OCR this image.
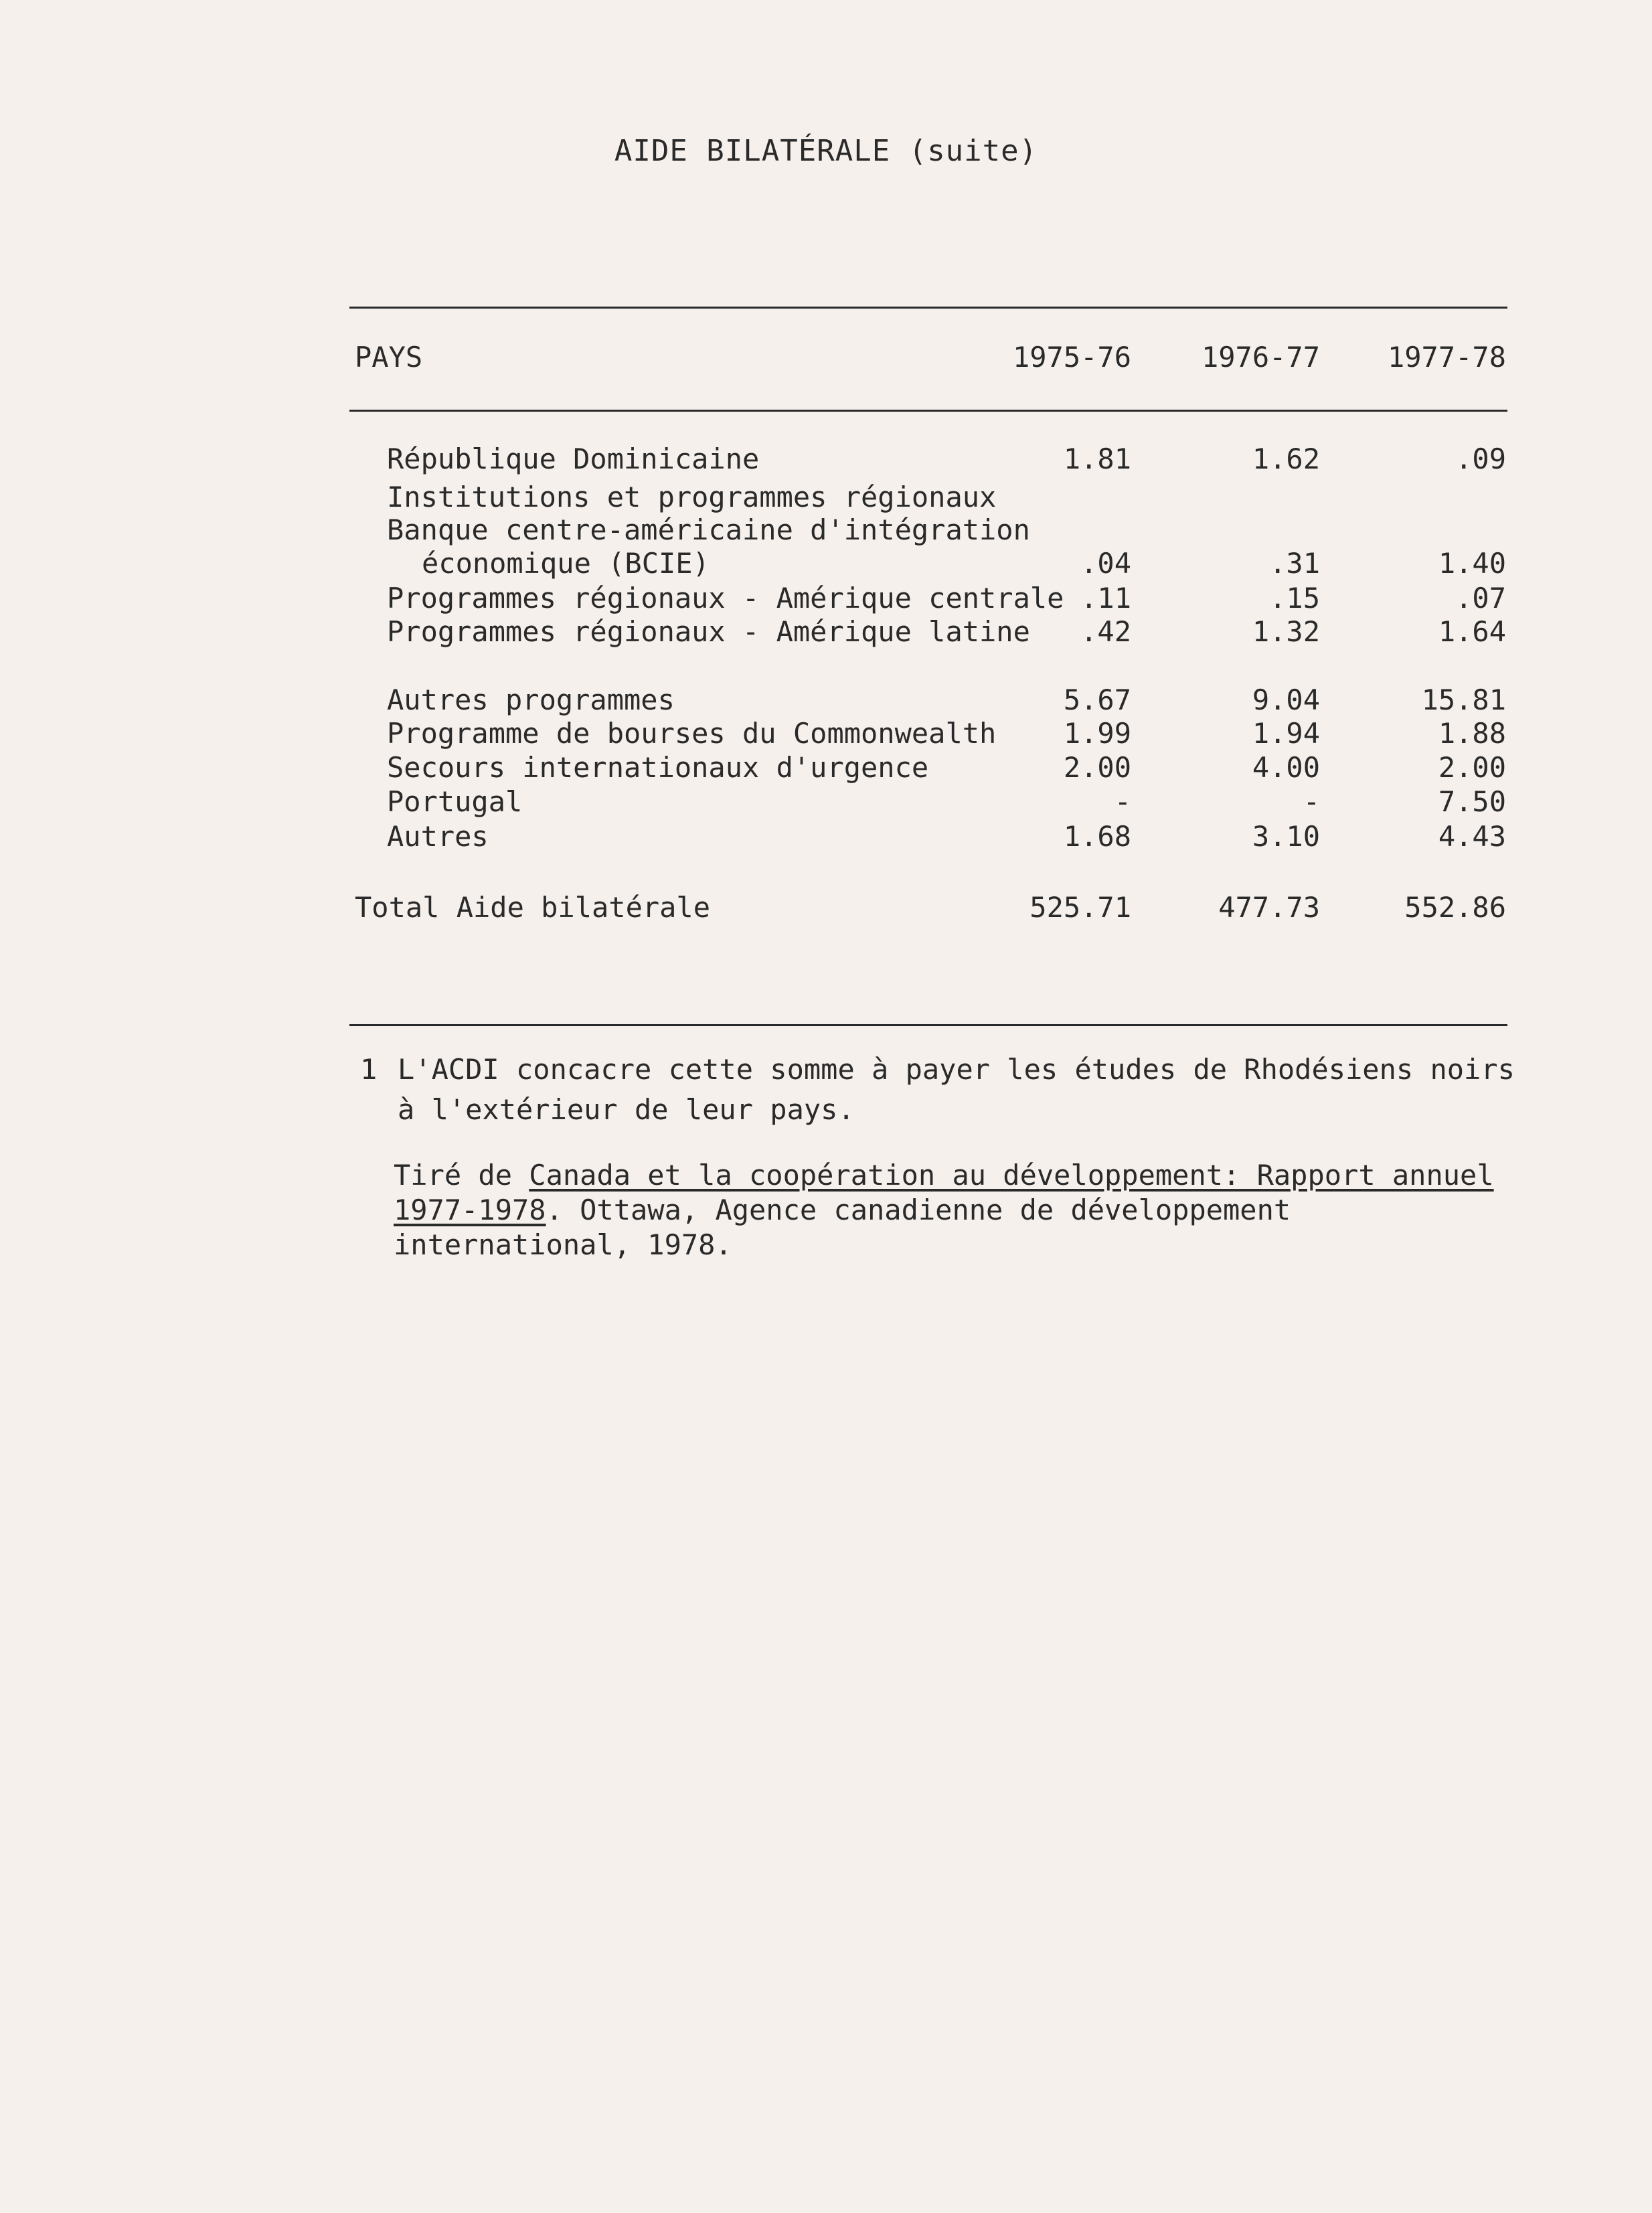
AIDE BILATÉRALE (suite)
PAYS	1975-76	1976-77	1977-78
République Dominicaine	1.81	1.62	.09
Institutions et programmes régionaux
Banque centre-américaine d'intégration
économique (BCIE)	.04	.31	1.40
Programmes régionaux - Amérique centrale .11	.15	.07
Programmes régionaux - Amérique latine	.42	1.32	1.64
Autres programmes	5.67	9.04	15.81
Programme de bourses du Commonwealth	1.99	1.94	1.88
Secours internationaux d'urgence	2.00	4.00	2.00
Portugal	-	-	7.50
Autres	1.68	3.10	4.43
Total Aide bilatérale	525.71	477.73	552.86
1 L'ACDI concacre cette somme à payer les études de Rhodésiens noirs
à l'extérieur de leur pays.
Tiré de Canada et la coopération au développement: Rapport annuel
1977-1978. Ottawa, Agence canadienne de développement
international, 1978.
